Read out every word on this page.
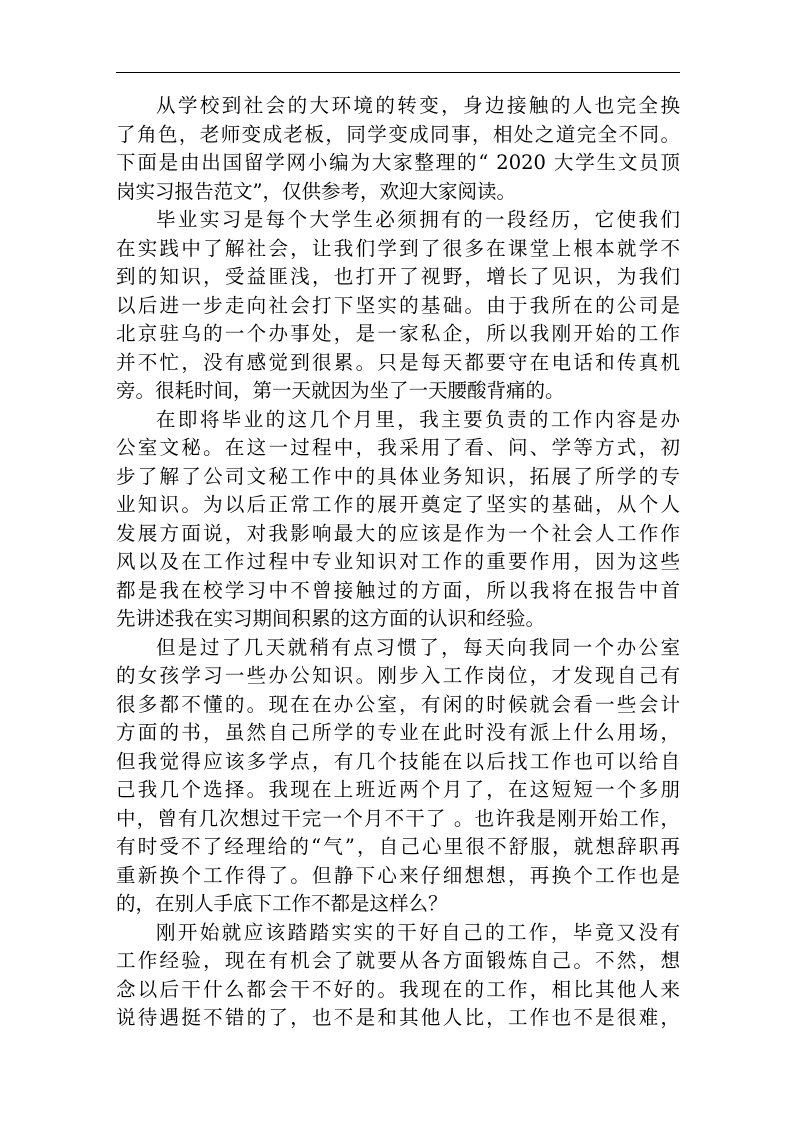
从学校到社会的大环境的转变，身边接触的人也完全换
了角色，老师变成老板，同学变成同事，相处之道完全不同。
下面是由出国留学网小编为大家整理的“ 2020 大学生文员顶
岗实习报告范文”，仅供参考，欢迎大家阅读。
毕业实习是每个大学生必须拥有的一段经历，它使我们
在实践中了解社会，让我们学到了很多在课堂上根本就学不
到的知识，受益匪浅，也打开了视野，增长了见识，为我们
以后进一步走向社会打下坚实的基础。由于我所在的公司是
北京驻乌的一个办事处，是一家私企，所以我刚开始的工作
并不忙，没有感觉到很累。只是每天都要守在电话和传真机
旁。很耗时间，第一天就因为坐了一天腰酸背痛的。
在即将毕业的这几个月里，我主要负责的工作内容是办
公室文秘。在这一过程中，我采用了看、问、学等方式，初
步了解了公司文秘工作中的具体业务知识，拓展了所学的专
业知识。为以后正常工作的展开奠定了坚实的基础，从个人
发展方面说，对我影响最大的应该是作为一个社会人工作作
风以及在工作过程中专业知识对工作的重要作用，因为这些
都是我在校学习中不曾接触过的方面，所以我将在报告中首
先讲述我在实习期间积累的这方面的认识和经验。
但是过了几天就稍有点习惯了，每天向我同一个办公室
的女孩学习一些办公知识。刚步入工作岗位，才发现自己有
很多都不懂的。现在在办公室，有闲的时候就会看一些会计
方面的书，虽然自己所学的专业在此时没有派上什么用场，
但我觉得应该多学点，有几个技能在以后找工作也可以给自
己我几个选择。我现在上班近两个月了，在这短短一个多朋
中，曾有几次想过干完一个月不干了 。也许我是刚开始工作，
有时受不了经理给的“气”，自己心里很不舒服，就想辞职再
重新换个工作得了。但静下心来仔细想想，再换个工作也是
的，在别人手底下工作不都是这样么？
刚开始就应该踏踏实实的干好自己的工作，毕竟又没有
工作经验，现在有机会了就要从各方面锻炼自己。不然，想
念以后干什么都会干不好的。我现在的工作，相比其他人来
说待遇挺不错的了，也不是和其他人比，工作也不是很难，
